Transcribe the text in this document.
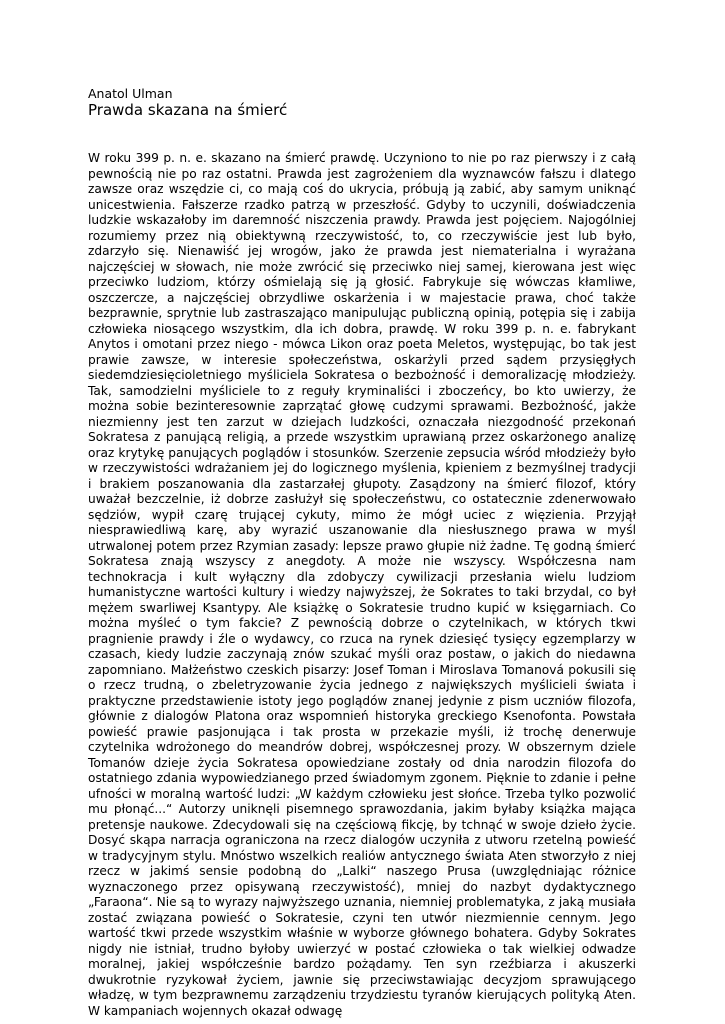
Anatol Ulman

Prawda skazana na śmierć

W roku 399 p. n. e. skazano na śmierć prawdę. Uczyniono to nie po raz pierwszy i z całą pewnością nie po raz ostatni. Prawda jest zagrożeniem dla wyznawców fałszu i dlatego zawsze oraz wszędzie ci, co mają coś do ukrycia, próbują ją zabić, aby samym uniknąć unicestwienia. Fałszerze rzadko patrzą w przeszłość. Gdyby to uczynili, doświadczenia ludzkie wskazałoby im daremność niszczenia prawdy. Prawda jest pojęciem. Najogólniej rozumiemy przez nią obiektywną rzeczywistość, to, co rzeczywiście jest lub było, zdarzyło się. Nienawiść jej wrogów, jako że prawda jest niematerialna i wyrażana najczęściej w słowach, nie może zwrócić się przeciwko niej samej, kierowana jest więc przeciwko ludziom, którzy ośmielają się ją głosić. Fabrykuje się wówczas kłamliwe, oszczercze, a najczęściej obrzydliwe oskarżenia i w majestacie prawa, choć także bezprawnie, sprytnie lub zastraszająco manipulując publiczną opinią, potępia się i zabija człowieka niosącego wszystkim, dla ich dobra, prawdę. W roku 399 p. n. e. fabrykant Anytos i omotani przez niego - mówca Likon oraz poeta Meletos, występując, bo tak jest prawie zawsze, w interesie społeczeństwa, oskarżyli przed sądem przysięgłych siedemdziesięcioletniego myśliciela Sokratesa o bezbożność i demoralizację młodzieży. Tak, samodzielni myśliciele to z reguły kryminaliści i zboczeńcy, bo kto uwierzy, że można sobie bezinteresownie zaprzątać głowę cudzymi sprawami. Bezbożność, jakże niezmienny jest ten zarzut w dziejach ludzkości, oznaczała niezgodność przekonań Sokratesa z panującą religią, a przede wszystkim uprawianą przez oskarżonego analizę oraz krytykę panujących poglądów i stosunków. Szerzenie zepsucia wśród młodzieży było w rzeczywistości wdrażaniem jej do logicznego myślenia, kpieniem z bezmyślnej tradycji i brakiem poszanowania dla zastarzałej głupoty. Zasądzony na śmierć filozof, który uważał bezczelnie, iż dobrze zasłużył się społeczeństwu, co ostatecznie zdenerwowało sędziów, wypił czarę trującej cykuty, mimo że mógł uciec z więzienia. Przyjął niesprawiedliwą karę, aby wyrazić uszanowanie dla niesłusznego prawa w myśl utrwalonej potem przez Rzymian zasady: lepsze prawo głupie niż żadne. Tę godną śmierć Sokratesa znają wszyscy z anegdoty. A może nie wszyscy. Współczesna nam technokracja i kult wyłączny dla zdobyczy cywilizacji przesłania wielu ludziom humanistyczne wartości kultury i wiedzy najwyższej, że Sokrates to taki brzydal, co był mężem swarliwej Ksantypy. Ale książkę o Sokratesie trudno kupić w księgarniach. Co można myśleć o tym fakcie? Z pewnością dobrze o czytelnikach, w których tkwi pragnienie prawdy i źle o wydawcy, co rzuca na rynek dziesięć tysięcy egzemplarzy w czasach, kiedy ludzie zaczynają znów szukać myśli oraz postaw, o jakich do niedawna zapomniano. Małżeństwo czeskich pisarzy: Josef Toman i Miroslava Tomanová pokusili się o rzecz trudną, o zbeletryzowanie życia jednego z największych myślicieli świata i praktyczne przedstawienie istoty jego poglądów znanej jedynie z pism uczniów filozofa, głównie z dialogów Platona oraz wspomnień historyka greckiego Ksenofonta. Powstała powieść prawie pasjonująca i tak prosta w przekazie myśli, iż trochę denerwuje czytelnika wdrożonego do meandrów dobrej, współczesnej prozy. W obszernym dziele Tomanów dzieje życia Sokratesa opowiedziane zostały od dnia narodzin filozofa do ostatniego zdania wypowiedzianego przed świadomym zgonem. Pięknie to zdanie i pełne ufności w moralną wartość ludzi: „W każdym człowieku jest słońce. Trzeba tylko pozwolić mu płonąć...“ Autorzy uniknęli pisemnego sprawozdania, jakim byłaby książka mająca pretensje naukowe. Zdecydowali się na częściową fikcję, by tchnąć w swoje dzieło życie. Dosyć skąpa narracja ograniczona na rzecz dialogów uczyniła z utworu rzetelną powieść w tradycyjnym stylu. Mnóstwo wszelkich realiów antycznego świata Aten stworzyło z niej rzecz w jakimś sensie podobną do „Lalki“ naszego Prusa (uwzględniając różnice wyznaczonego przez opisywaną rzeczywistość), mniej do nazbyt dydaktycznego „Faraona“. Nie są to wyrazy najwyższego uznania, niemniej problematyka, z jaką musiała zostać związana powieść o Sokratesie, czyni ten utwór niezmiennie cennym. Jego wartość tkwi przede wszystkim właśnie w wyborze głównego bohatera. Gdyby Sokrates nigdy nie istniał, trudno byłoby uwierzyć w postać człowieka o tak wielkiej odwadze moralnej, jakiej współcześnie bardzo pożądamy. Ten syn rzeźbiarza i akuszerki dwukrotnie ryzykował życiem, jawnie się przeciwstawiając decyzjom sprawującego władzę, w tym bezprawnemu zarządzeniu trzydziestu tyranów kierujących polityką Aten. W kampaniach wojennych okazał odwagę
